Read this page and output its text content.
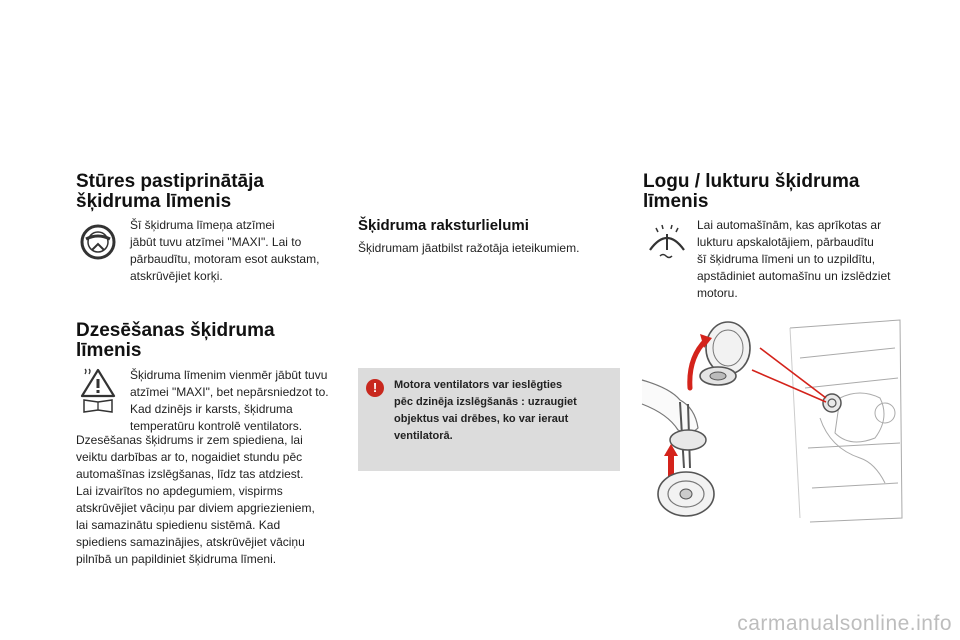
Stūres pastiprinātāja
šķidruma līmenis
Šī šķidruma līmeņa atzīmei
jābūt tuvu atzīmei "MAXI". Lai to
pārbaudītu, motoram esot aukstam,
atskrūvējiet korķi.
Dzesēšanas šķidruma
līmenis
Šķidruma līmenim vienmēr jābūt tuvu
atzīmei "MAXI", bet nepārsniedzot to.
Kad dzinējs ir karsts, šķidruma
temperatūru kontrolē ventilators.
Dzesēšanas šķidrums ir zem spiediena, lai
veiktu darbības ar to, nogaidiet stundu pēc
automašīnas izslēgšanas, līdz tas atdziest.
Lai izvairītos no apdegumiem, vispirms
atskrūvējiet vāciņu par diviem apgriezieniem,
lai samazinātu spiedienu sistēmā. Kad
spiediens samazinājies, atskrūvējiet vāciņu
pilnībā un papildiniet šķidruma līmeni.
Šķidruma raksturlielumi
Šķidrumam jāatbilst ražotāja ieteikumiem.
!	Motora ventilators var ieslēgties
pēc dzinēja izslēgšanās : uzraugiet
objektus vai drēbes, ko var ieraut
ventilatorā.
Logu / lukturu šķidruma
līmenis
Lai automašīnām, kas aprīkotas ar
lukturu apskalotājiem, pārbaudītu
šī šķidruma līmeni un to uzpildītu,
apstādiniet automašīnu un izslēdziet
motoru.
carmanualsonline.info
